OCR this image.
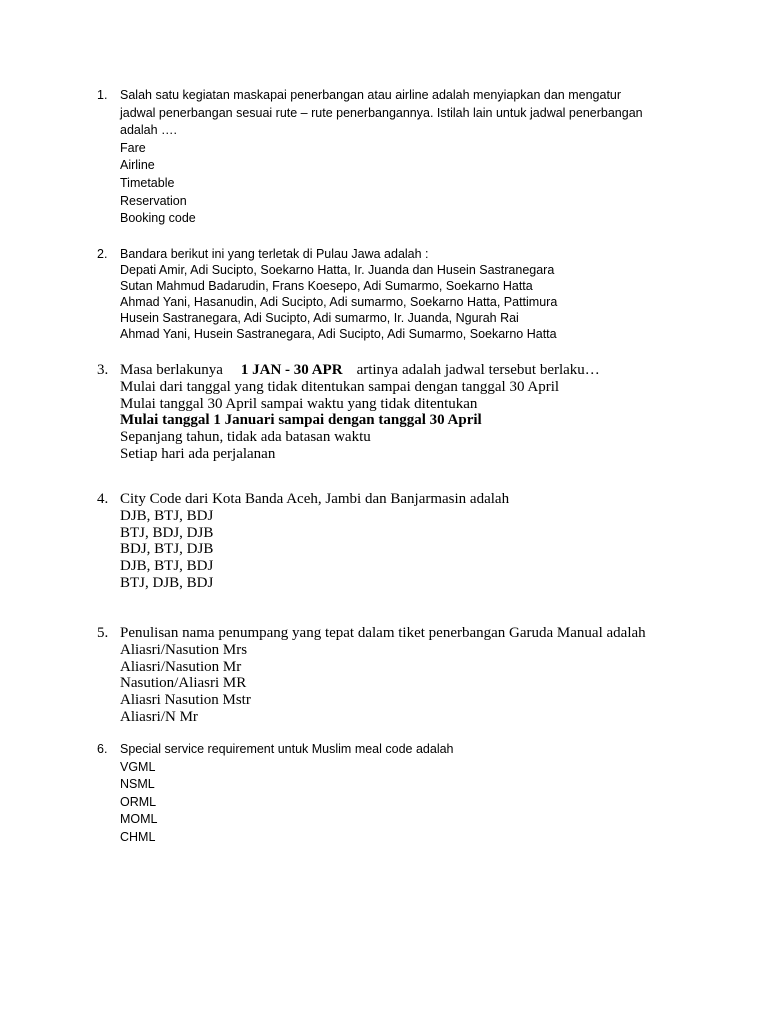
1. Salah satu kegiatan maskapai penerbangan atau airline adalah menyiapkan dan mengatur
jadwal penerbangan sesuai rute – rute penerbangannya. Istilah lain untuk jadwal penerbangan
adalah ….
Fare
Airline
Timetable
Reservation
Booking code
2. Bandara berikut ini yang terletak di Pulau Jawa adalah :
Depati Amir, Adi Sucipto, Soekarno Hatta, Ir. Juanda dan Husein Sastranegara
Sutan Mahmud Badarudin, Frans Koesepo, Adi Sumarmo, Soekarno Hatta
Ahmad Yani, Hasanudin, Adi Sucipto, Adi sumarmo, Soekarno Hatta, Pattimura
Husein Sastranegara, Adi Sucipto, Adi sumarmo, Ir. Juanda, Ngurah Rai
Ahmad Yani, Husein Sastranegara, Adi Sucipto, Adi Sumarmo, Soekarno Hatta
3. Masa berlakunya 1 JAN - 30 APR artinya adalah jadwal tersebut berlaku…
Mulai dari tanggal yang tidak ditentukan sampai dengan tanggal 30 April
Mulai tanggal 30 April sampai waktu yang tidak ditentukan
Mulai tanggal 1 Januari sampai dengan tanggal 30 April
Sepanjang tahun, tidak ada batasan waktu
Setiap hari ada perjalanan
4. City Code dari Kota Banda Aceh, Jambi dan Banjarmasin adalah
DJB, BTJ, BDJ
BTJ, BDJ, DJB
BDJ, BTJ, DJB
DJB, BTJ, BDJ
BTJ, DJB, BDJ
5. Penulisan nama penumpang yang tepat dalam tiket penerbangan Garuda Manual adalah
Aliasri/Nasution Mrs
Aliasri/Nasution Mr
Nasution/Aliasri MR
Aliasri Nasution Mstr
Aliasri/N Mr
6. Special service requirement untuk Muslim meal code adalah
VGML
NSML
ORML
MOML
CHML
